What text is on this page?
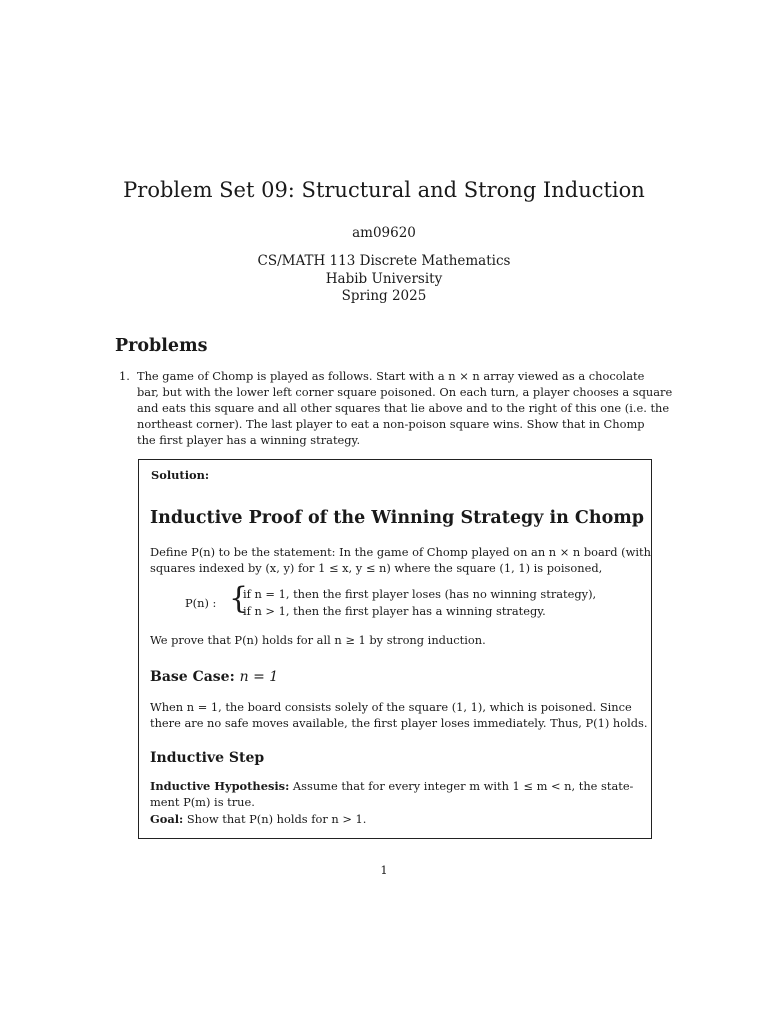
Problem Set 09: Structural and Strong Induction
am09620
CS/MATH 113 Discrete Mathematics
Habib University
Spring 2025
Problems
1. The game of Chomp is played as follows. Start with a n × n array viewed as a chocolate
bar, but with the lower left corner square poisoned. On each turn, a player chooses a square
and eats this square and all other squares that lie above and to the right of this one (i.e. the
northeast corner). The last player to eat a non-poison square wins. Show that in Chomp
the first player has a winning strategy.
Solution:
Inductive Proof of the Winning Strategy in Chomp
Define P(n) to be the statement: In the game of Chomp played on an n × n board (with
squares indexed by (x, y) for 1 ≤ x, y ≤ n) where the square (1, 1) is poisoned,
P(n) : {
if n = 1, then the first player loses (has no winning strategy),
if n > 1, then the first player has a winning strategy.
We prove that P(n) holds for all n ≥ 1 by strong induction.
Base Case: n = 1
When n = 1, the board consists solely of the square (1, 1), which is poisoned. Since
there are no safe moves available, the first player loses immediately. Thus, P(1) holds.
Inductive Step
Inductive Hypothesis: Assume that for every integer m with 1 ≤ m < n, the state-
ment P(m) is true.
Goal: Show that P(n) holds for n > 1.
1
